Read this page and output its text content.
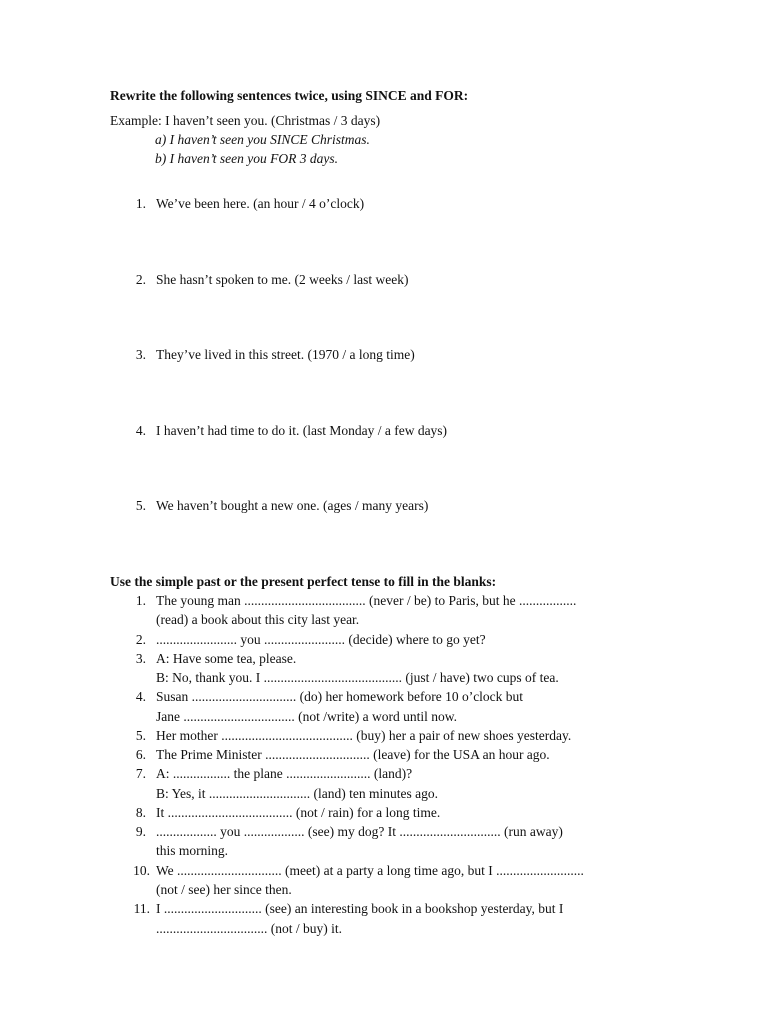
Rewrite the following sentences twice, using SINCE and FOR:
Example: I haven’t seen you. (Christmas / 3 days)
a) I haven’t seen you SINCE Christmas.
b) I haven’t seen you FOR 3 days.
1. We’ve been here. (an hour / 4 o’clock)
2. She hasn’t spoken to me. (2 weeks / last week)
3. They’ve lived in this street. (1970 / a long time)
4. I haven’t had time to do it. (last Monday / a few days)
5. We haven’t bought a new one. (ages / many years)
Use the simple past or the present perfect tense to fill in the blanks:
1. The young man .................................... (never / be) to Paris, but he .................
(read) a book about this city last year.
2. ........................ you ........................ (decide) where to go yet?
3. A: Have some tea, please.
B: No, thank you. I ......................................... (just / have) two cups of tea.
4. Susan ............................... (do) her homework before 10 o’clock but
Jane ................................. (not /write) a word until now.
5. Her mother ....................................... (buy) her a pair of new shoes yesterday.
6. The Prime Minister ............................... (leave) for the USA an hour ago.
7. A: ................. the plane ......................... (land)?
B: Yes, it .............................. (land) ten minutes ago.
8. It ..................................... (not / rain) for a long time.
9. .................. you .................. (see) my dog? It .............................. (run away)
this morning.
10. We ............................... (meet) at a party a long time ago, but I ..........................
(not / see) her since then.
11. I ............................. (see) an interesting book in a bookshop yesterday, but I
................................. (not / buy) it.
